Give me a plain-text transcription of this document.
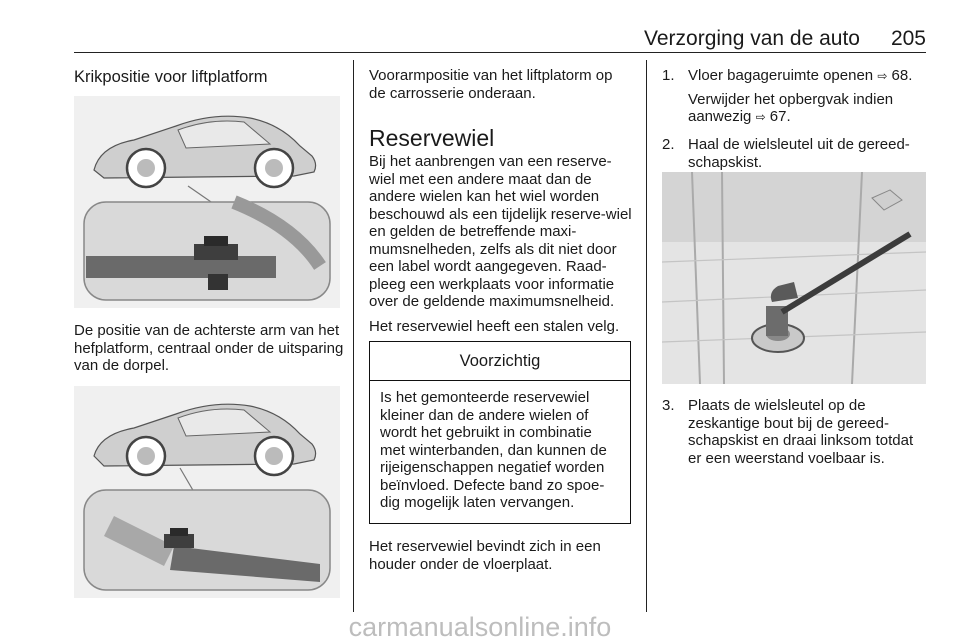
Verzorging van de auto	205
Krikpositie voor liftplatform
De positie van de achterste arm van het hefplatform, centraal onder de uitsparing van de dorpel.

Voorarmpositie van het liftplatorm op de carrosserie onderaan.

Reservewiel

Bij het aanbrengen van een reserve-wiel met een andere maat dan de andere wielen kan het wiel worden beschouwd als een tijdelijk reserve-wiel en gelden de betreffende maxi-mumsnelheden, zelfs als dit niet door een label wordt aangegeven. Raad-pleeg een werkplaats voor informatie over de geldende maximumsnelheid.

Het reservewiel heeft een stalen velg.

Voorzichtig
Is het gemonteerde reservewiel kleiner dan de andere wielen of wordt het gebruikt in combinatie met winterbanden, dan kunnen de rijeigenschappen negatief worden beïnvloed. Defecte band zo spoe-dig mogelijk laten vervangen.

Het reservewiel bevindt zich in een houder onder de vloerplaat.

1. Vloer bagageruimte openen ⇨ 68.
Verwijder het opbergvak indien aanwezig ⇨ 67.
2. Haal de wielsleutel uit de gereed-schapskist.
3. Plaats de wielsleutel op de zeskantige bout bij de gereed-schapskist en draai linksom totdat er een weerstand voelbaar is.
carmanualsonline.info
